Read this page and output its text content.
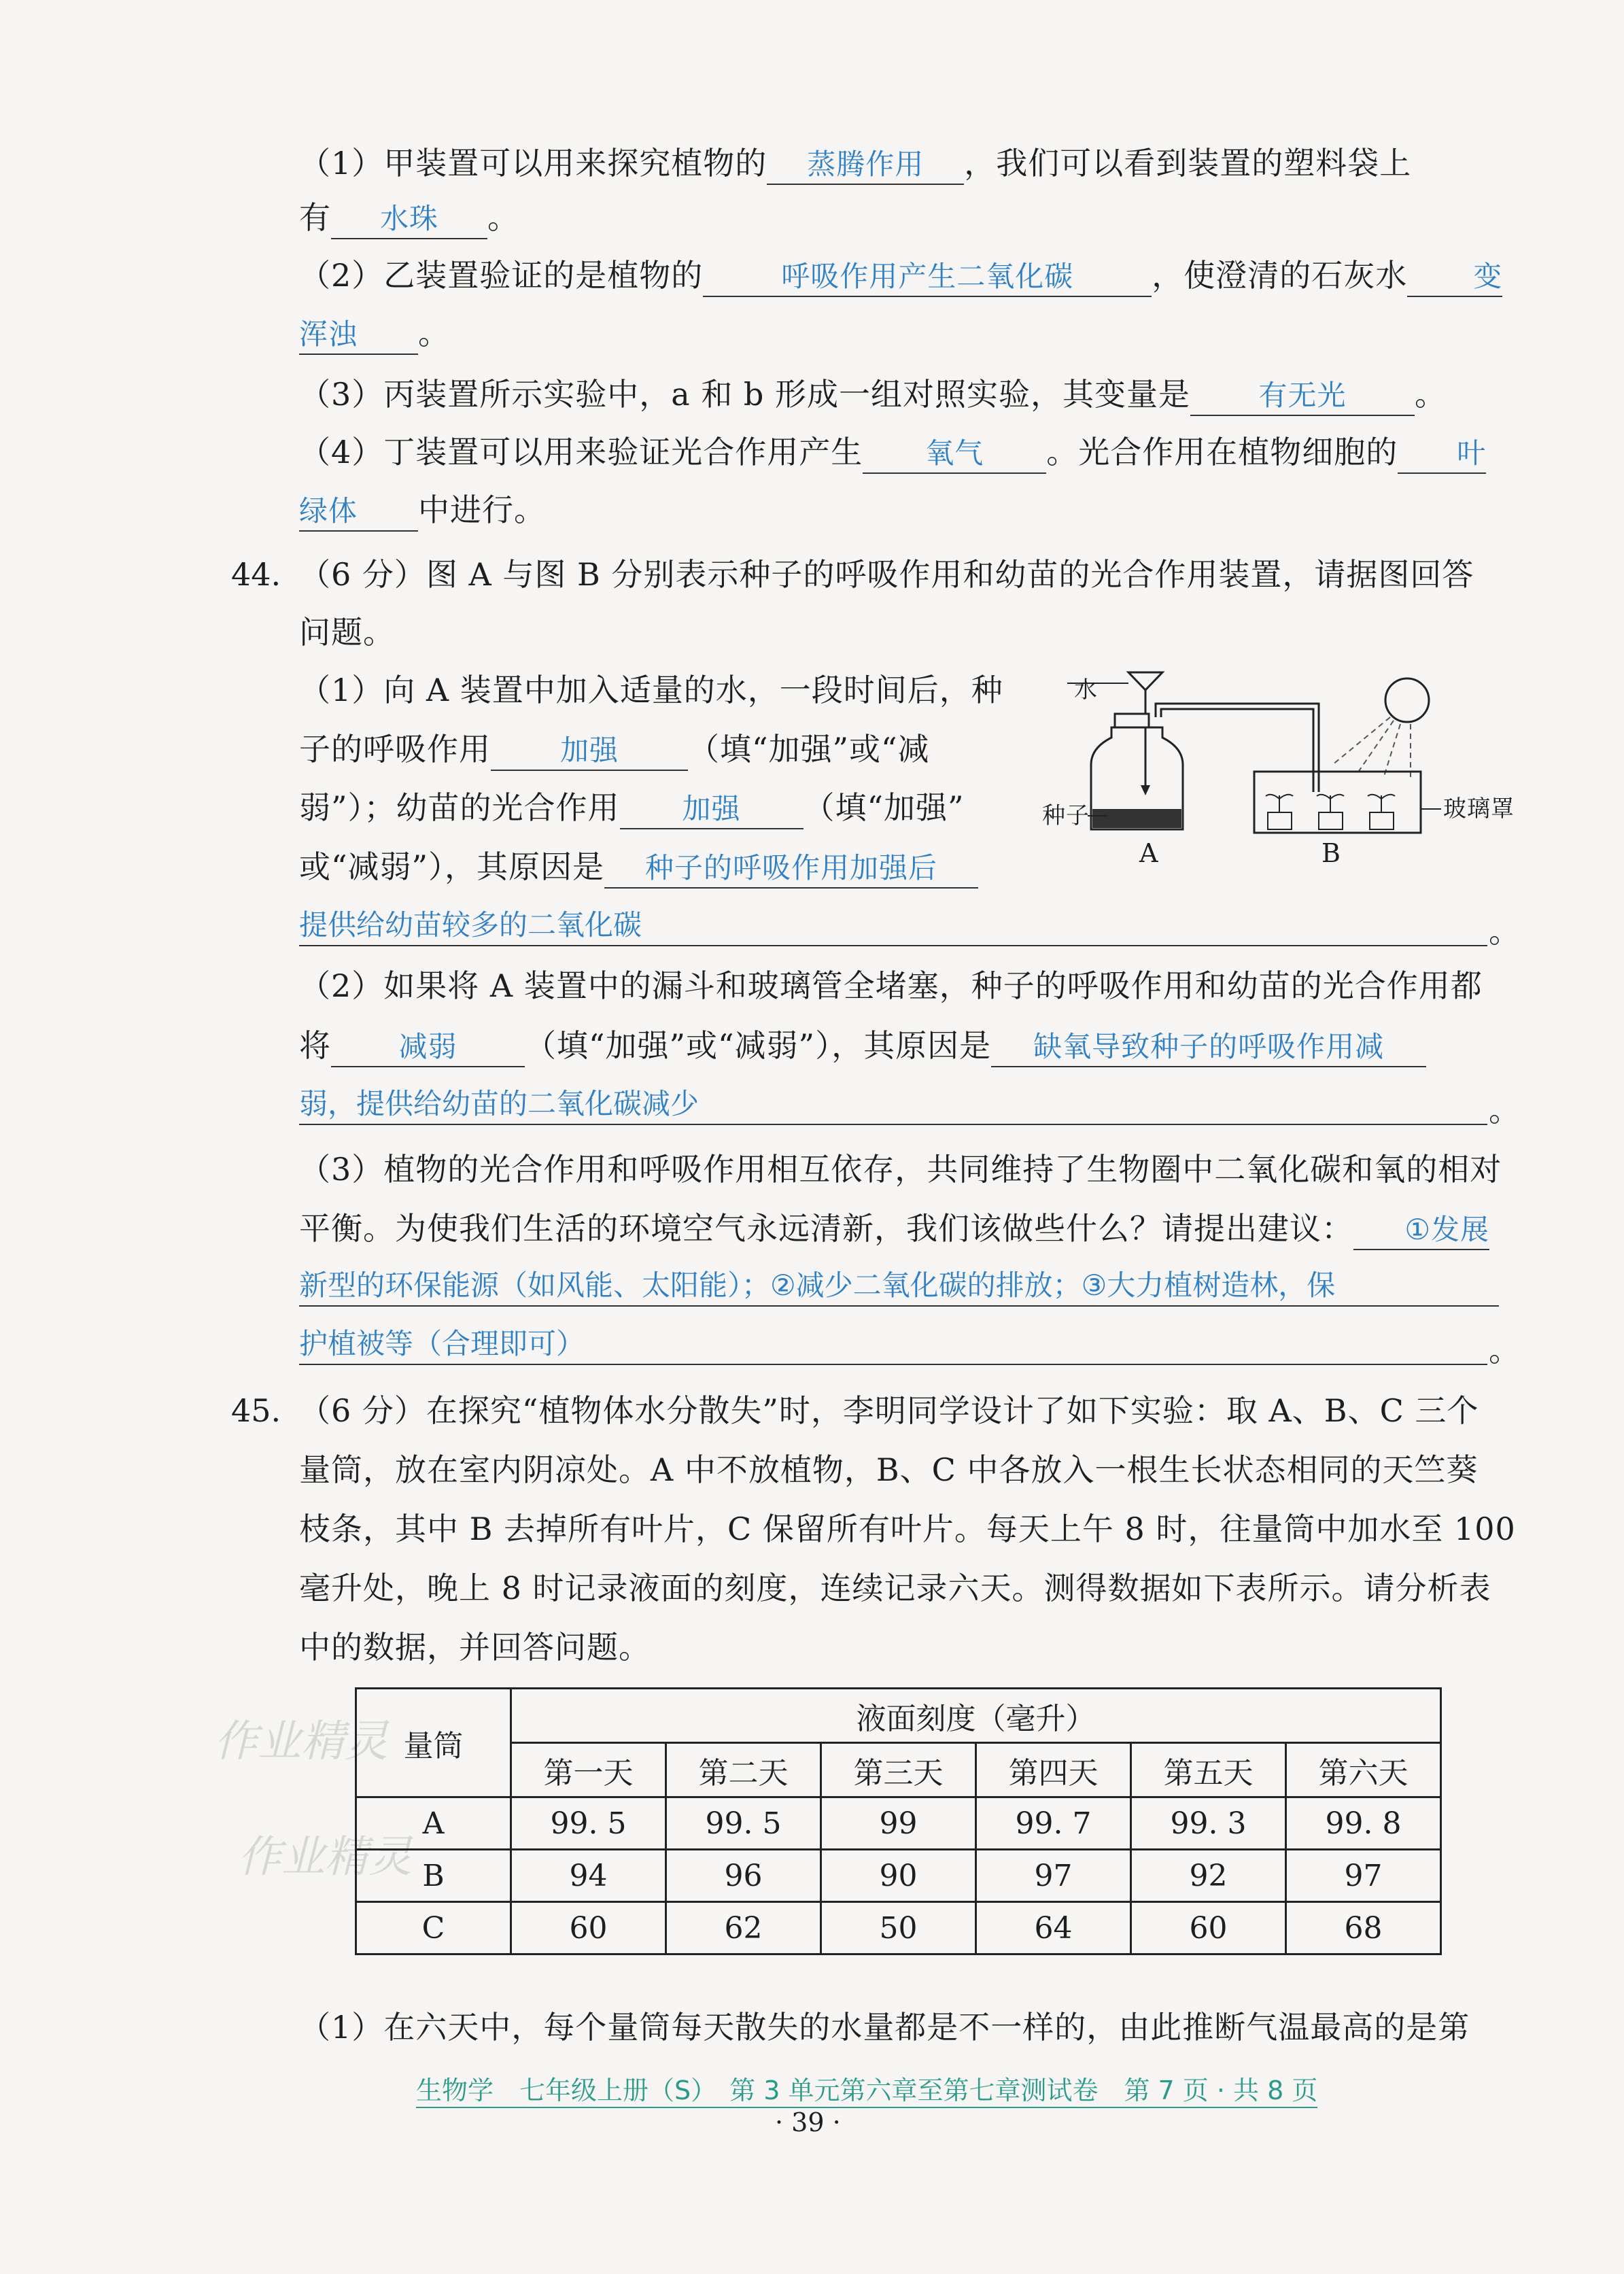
（1）甲装置可以用来探究植物的 蒸腾作用 ，我们可以看到装置的塑料袋上
有 水珠 。
（2）乙装置验证的是植物的	呼吸作用产生二氧化碳	，使澄清的石灰水 变
浑浊 。
（3）丙装置所示实验中，a 和 b 形成一组对照实验，其变量是 有无光 。
（4）丁装置可以用来验证光合作用产生 氧气 。光合作用在植物细胞的 叶
绿体 中进行。
44. （6 分）图 A 与图 B 分别表示种子的呼吸作用和幼苗的光合作用装置，请据图回答
问题。
（1）向 A 装置中加入适量的水，一段时间后，种
子的呼吸作用 加强 （填“加强”或“减
弱”）；幼苗的光合作用 加强 （填“加强”
或“减弱”），其原因是 种子的呼吸作用加强后
提供给幼苗较多的二氧化碳	。
水
种子	玻璃罩
A	B
（2）如果将 A 装置中的漏斗和玻璃管全堵塞，种子的呼吸作用和幼苗的光合作用都
将 减弱 （填“加强”或“减弱”），其原因是 缺氧导致种子的呼吸作用减
弱，提供给幼苗的二氧化碳减少	。
（3）植物的光合作用和呼吸作用相互依存，共同维持了生物圈中二氧化碳和氧的相对
平衡。为使我们生活的环境空气永远清新，我们该做些什么？请提出建议： ①发展
新型的环保能源（如风能、太阳能）；②减少二氧化碳的排放；③大力植树造林，保
护植被等（合理即可）	。
45. （6 分）在探究“植物体水分散失”时，李明同学设计了如下实验：取 A、B、C 三个
量筒，放在室内阴凉处。A 中不放植物，B、C 中各放入一根生长状态相同的天竺葵
枝条，其中 B 去掉所有叶片，C 保留所有叶片。每天上午 8 时，往量筒中加水至 100
毫升处，晚上 8 时记录液面的刻度，连续记录六天。测得数据如下表所示。请分析表
中的数据，并回答问题。
作业精灵
作业精灵
量筒	液面刻度（毫升）					
	第一天	第二天	第三天	第四天	第五天	第六天
A	99. 5	99. 5	99	99. 7	99. 3	99. 8
B	94	96	90	97	92	97
C	60	62	50	64	60	68
（1）在六天中，每个量筒每天散失的水量都是不一样的，由此推断气温最高的是第
生物学　七年级上册（S）　第 3 单元第六章至第七章测试卷　第 7 页 · 共 8 页
· 39 ·
